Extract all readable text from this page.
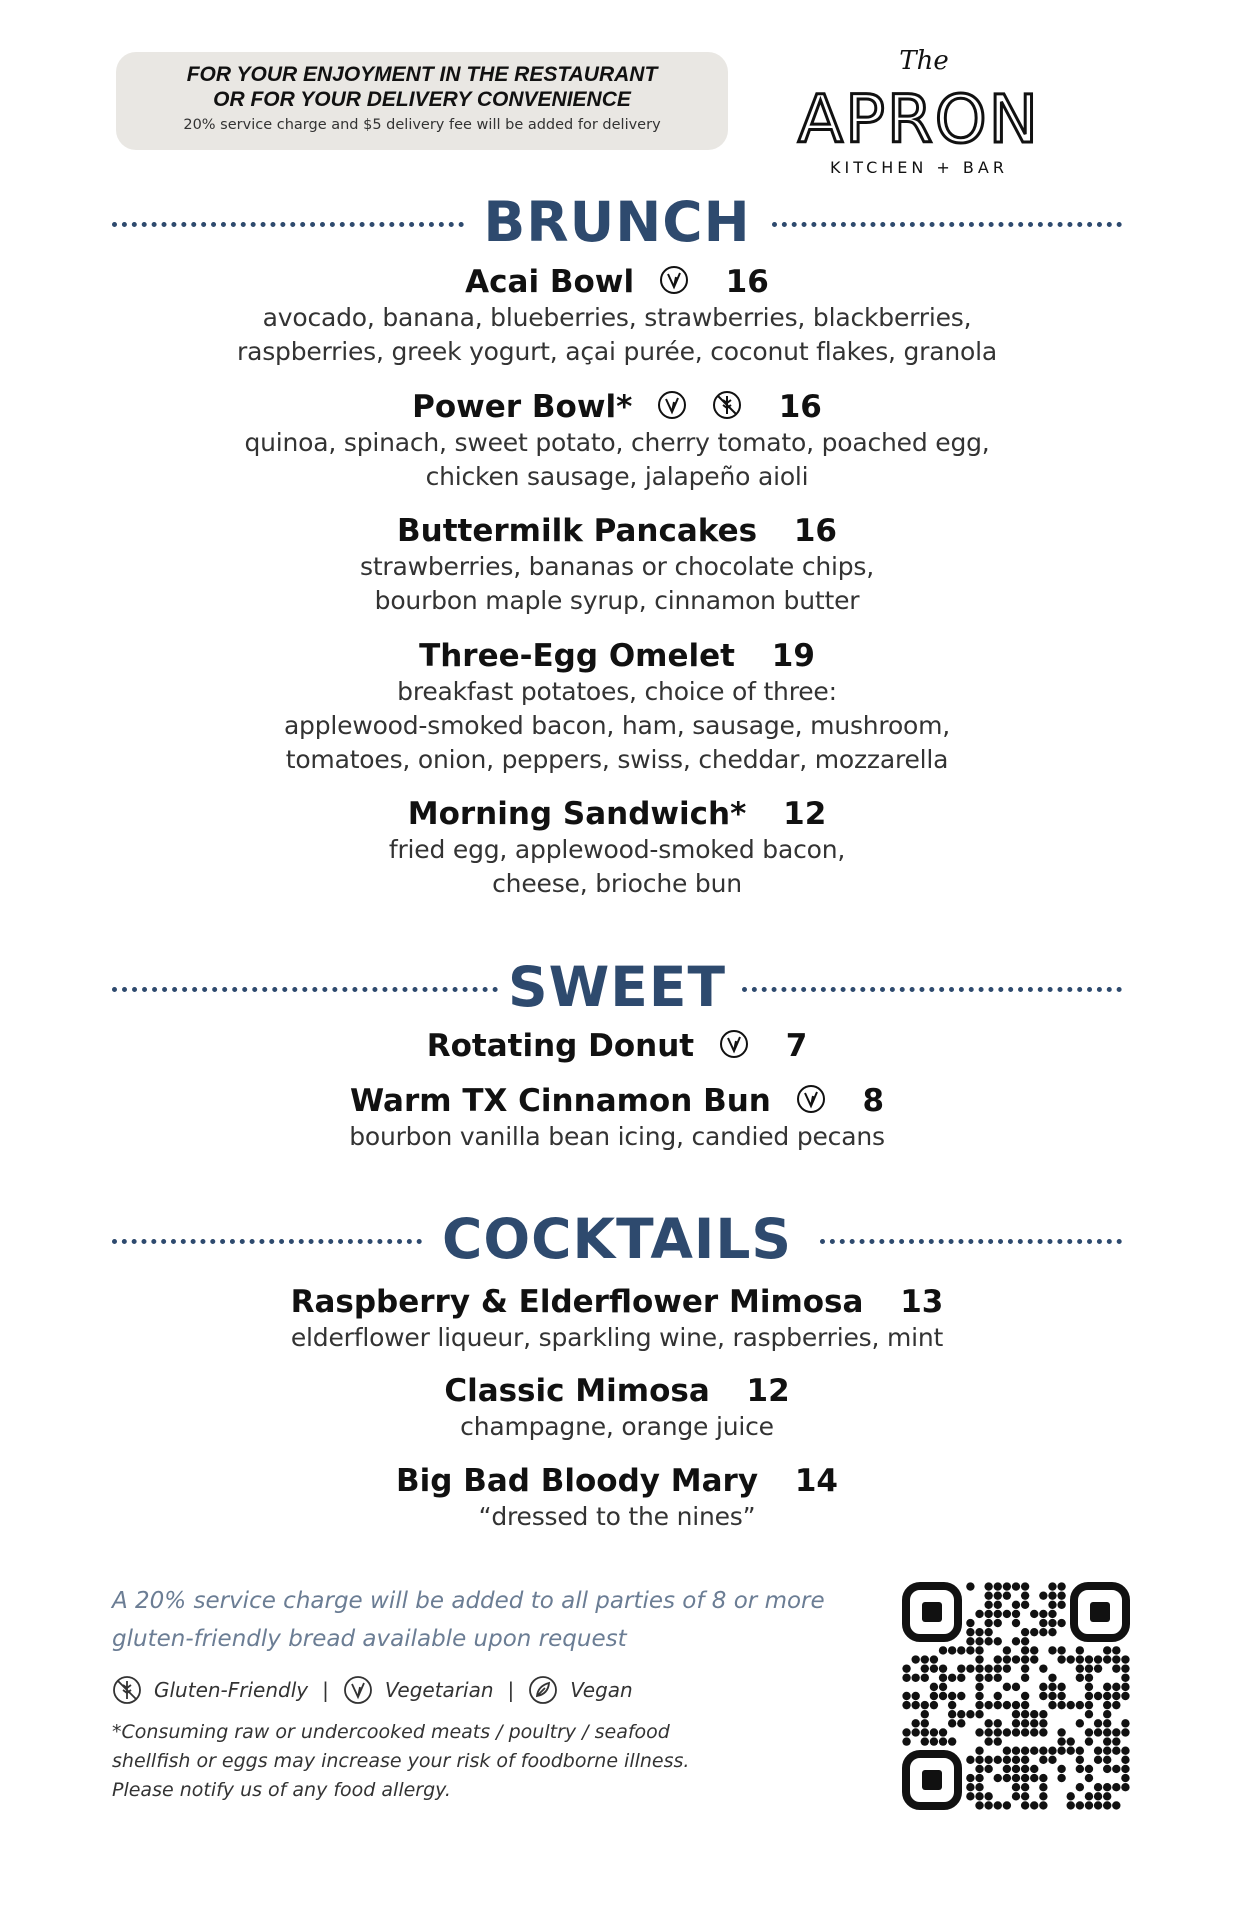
FOR YOUR ENJOYMENT IN THE RESTAURANT
OR FOR YOUR DELIVERY CONVENIENCE
20% service charge and $5 delivery fee will be added for delivery
The
APRON
KITCHEN + BAR
BRUNCH
Acai Bowl	16
avocado, banana, blueberries, strawberries, blackberries,
raspberries, greek yogurt, açai purée, coconut flakes, granola
Power Bowl*	16
quinoa, spinach, sweet potato, cherry tomato, poached egg,
chicken sausage, jalapeño aioli
Buttermilk Pancakes 16
strawberries, bananas or chocolate chips,
bourbon maple syrup, cinnamon butter
Three-Egg Omelet 19
breakfast potatoes, choice of three:
applewood-smoked bacon, ham, sausage, mushroom,
tomatoes, onion, peppers, swiss, cheddar, mozzarella
Morning Sandwich* 12
fried egg, applewood-smoked bacon,
cheese, brioche bun
SWEET
Rotating Donut	7
Warm TX Cinnamon Bun	8
bourbon vanilla bean icing, candied pecans
COCKTAILS
Raspberry & Elderflower Mimosa 13
elderflower liqueur, sparkling wine, raspberries, mint
Classic Mimosa 12
champagne, orange juice
Big Bad Bloody Mary 14
“dressed to the nines”
A 20% service charge will be added to all parties of 8 or more
gluten-friendly bread available upon request
Gluten-Friendly |	Vegetarian |	Vegan
*Consuming raw or undercooked meats / poultry / seafood
shellfish or eggs may increase your risk of foodborne illness.
Please notify us of any food allergy.
